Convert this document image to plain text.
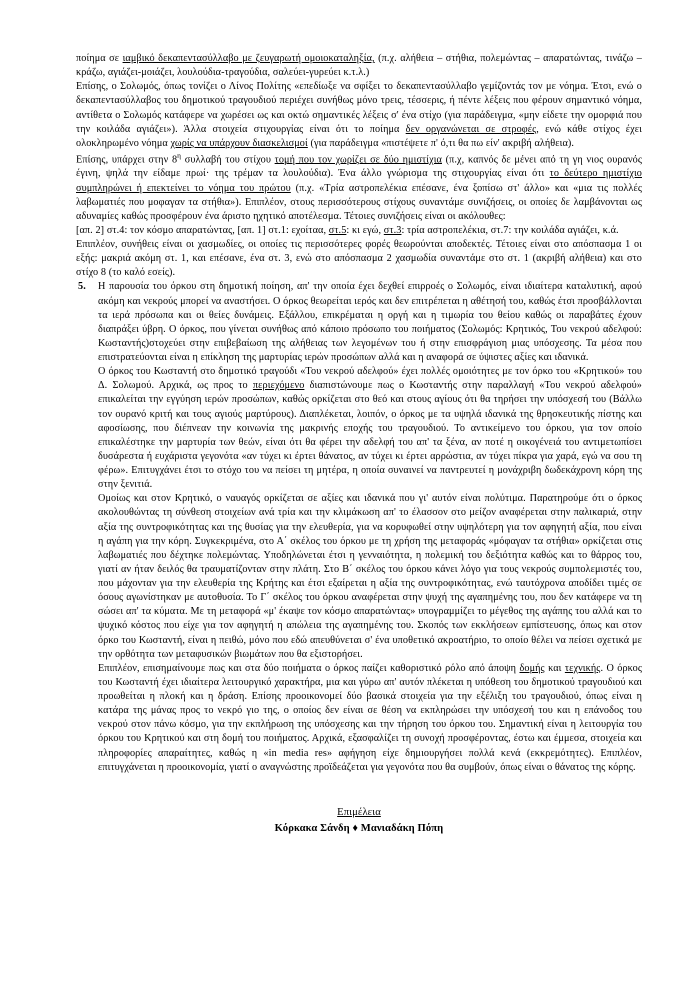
ποίημα σε ιαμβικό δεκαπεντασύλλαβο με ζευγαρωτή ομοιοκαταληξία, (π.χ. αλήθεια – στήθια, πολεμώντας – απαρατώντας, τινάζω – κράζω, αγιάζει-μοιάζει, λουλούδια-τραγούδια, σαλεύει-γυρεύει κ.τ.λ.)

Επίσης, ο Σολωμός, όπως τονίζει ο Λίνος Πολίτης «επεδίωξε να σφίξει το δεκαπεντασύλλαβο γεμίζοντάς τον με νόημα. Έτσι, ενώ ο δεκαπεντασύλλαβος του δημοτικού τραγουδιού περιέχει συνήθως μόνο τρεις, τέσσερις, ή πέντε λέξεις που φέρουν σημαντικό νόημα, αντίθετα ο Σολωμός κατάφερε να χωρέσει ως και οκτώ σημαντικές λέξεις σ' ένα στίχο (για παράδειγμα, «μην είδετε την ομορφιά που την κοιλάδα αγιάζει»). Άλλα στοιχεία στιχουργίας είναι ότι το ποίημα δεν οργανώνεται σε στροφές, ενώ κάθε στίχος έχει ολοκληρωμένο νόημα χωρίς να υπάρχουν διασκελισμοί (για παράδειγμα «πιστέψετε π' ό,τι θα πω είν' ακριβή αλήθεια).

Επίσης, υπάρχει στην $8^\eta$ συλλαβή του στίχου τομή που τον χωρίζει σε δύο ημιστίχια (π.χ, καπνός δε μένει από τη γη νιος ουρανός έγινη, ψηλά την είδαμε πρωί· της τρέμαν τα λουλούδια). Ένα άλλο γνώρισμα της στιχουργίας είναι ότι το δεύτερο ημιστίχιο συμπληρώνει ή επεκτείνει το νόημα του πρώτου (π.χ. «Τρία αστροπελέκια επέσανε, ένα ξοπίσω στ' άλλο» και «μια τις πολλές λαβωματιές που μοφαγαν τα στήθια»). Επιπλέον, στους περισσότερους στίχους συναντάμε συνιζήσεις, οι οποίες δε λαμβάνονται ως αδυναμίες καθώς προσφέρουν ένα άριστο ηχητικό αποτέλεσμα. Τέτοιες συνιζήσεις είναι οι ακόλουθες:

[απ. 2] στ.4: τον κόσμο απαρατώντας, [απ. 1] στ.1: εχοίταα, στ.5: κι εγώ, στ.3: τρία αστροπελέκια, στ.7: την κοιλάδα αγιάζει, κ.ά.

Επιπλέον, συνήθεις είναι οι χασμωδίες, οι οποίες τις περισσότερες φορές θεωρούνται αποδεκτές. Τέτοιες είναι στο απόσπασμα 1 οι εξής: μακριά ακόμη στ. 1, και επέσανε, ένα στ. 3, ενώ στο απόσπασμα 2 χασμωδία συναντάμε στο στ. 1 (ακριβή αλήθεια) και στο στίχο 8 (το καλό εσείς).

5.	Η παρουσία του όρκου στη δημοτική ποίηση, απ' την οποία έχει δεχθεί επιρροές ο Σολωμός, είναι ιδιαίτερα καταλυτική, αφού ακόμη και νεκρούς μπορεί να αναστήσει. Ο όρκος θεωρείται ιερός και δεν επιτρέπεται η αθέτησή του, καθώς έτσι προσβάλλονται τα ιερά πρόσωπα και οι θείες δυνάμεις. Εξάλλου, επικρέμαται η οργή και η τιμωρία του θείου καθώς οι παραβάτες έχουν διαπράξει ύβρη. Ο όρκος, που γίνεται συνήθως από κάποιο πρόσωπο του ποιήματος (Σολωμός: Κρητικός, Του νεκρού αδελφού: Κωσταντής)στοχεύει στην επιβεβαίωση της αλήθειας των λεγομένων του ή στην επισφράγιση μιας υπόσχεσης. Τα μέσα που επιστρατεύονται είναι η επίκληση της μαρτυρίας ιερών προσώπων αλλά και η αναφορά σε ύψιστες αξίες και ιδανικά.

Ο όρκος του Κωσταντή στο δημοτικό τραγούδι «Του νεκρού αδελφού» έχει πολλές ομοιότητες με τον όρκο του «Κρητικού» του Δ. Σολωμού. Αρχικά, ως προς το περιεχόμενο διαπιστώνουμε πως ο Κωσταντής στην παραλλαγή «Του νεκρού αδελφού» επικαλείται την εγγύηση ιερών προσώπων, καθώς ορκίζεται στο θεό και στους αγίους ότι θα τηρήσει την υπόσχεσή του (Βάλλω τον ουρανό κριτή και τους αγιούς μαρτύρους). Διαπλέκεται, λοιπόν, ο όρκος με τα υψηλά ιδανικά της θρησκευτικής πίστης και αφοσίωσης, που διέπνεαν την κοινωνία της μακρινής εποχής του τραγουδιού. Το αντικείμενο του όρκου, για τον οποίο επικαλέστηκε την μαρτυρία των θεών, είναι ότι θα φέρει την αδελφή του απ' τα ξένα, αν ποτέ η οικογένειά του αντιμετωπίσει δυσάρεστα ή ευχάριστα γεγονότα «αν τύχει κι έρτει θάνατος, αν τύχει κι έρτει αρρώστια, αν τύχει πίκρα για χαρά, εγώ να σου τη φέρω». Επιτυγχάνει έτσι το στόχο του να πείσει τη μητέρα, η οποία συναινεί να παντρευτεί η μονάχριβη δωδεκάχρονη κόρη της στην ξενιτιά.

Ομοίως και στον Κρητικό, ο ναυαγός ορκίζεται σε αξίες και ιδανικά που γι' αυτόν είναι πολύτιμα. Παρατηρούμε ότι ο όρκος ακολουθώντας τη σύνθεση στοιχείων ανά τρία και την κλιμάκωση απ' το έλασσον στο μείζον αναφέρεται στην παλικαριά, στην αξία της συντροφικότητας και της θυσίας για την ελευθερία, για να κορυφωθεί στην υψηλότερη για τον αφηγητή αξία, που είναι η αγάπη για την κόρη. Συγκεκριμένα, στο Α΄ σκέλος του όρκου με τη χρήση της μεταφοράς «μόφαγαν τα στήθια» ορκίζεται στις λαβωματιές που δέχτηκε πολεμώντας. Υποδηλώνεται έτσι η γενναιότητα, η πολεμική του δεξιότητα καθώς και το θάρρος του, γιατί αν ήταν δειλός θα τραυματίζονταν στην πλάτη. Στο Β΄ σκέλος του όρκου κάνει λόγο για τους νεκρούς συμπολεμιστές του, που μάχονταν για την ελευθερία της Κρήτης και έτσι εξαίρεται η αξία της συντροφικότητας, ενώ ταυτόχρονα αποδίδει τιμές σε όσους αγωνίστηκαν με αυτοθυσία. Το Γ΄ σκέλος του όρκου αναφέρεται στην ψυχή της αγαπημένης του, που δεν κατάφερε να τη σώσει απ' τα κύματα. Με τη μεταφορά «μ' έκαψε τον κόσμο απαρατώντας» υπογραμμίζει το μέγεθος της αγάπης του αλλά και το ψυχικό κόστος που είχε για τον αφηγητή η απώλεια της αγαπημένης του. Σκοπός των εκκλήσεων εμπίστευσης, όπως και στον όρκο του Κωσταντή, είναι η πειθώ, μόνο που εδώ απευθύνεται σ' ένα υποθετικό ακροατήριο, το οποίο θέλει να πείσει σχετικά με την ορθότητα των μεταφυσικών βιωμάτων που θα εξιστορήσει.

Επιπλέον, επισημαίνουμε πως και στα δύο ποιήματα ο όρκος παίζει καθοριστικό ρόλο από άποψη δομής και τεχνικής. Ο όρκος του Κωσταντή έχει ιδιαίτερα λειτουργικό χαρακτήρα, μια και γύρω απ' αυτόν πλέκεται η υπόθεση του δημοτικού τραγουδιού και προωθείται η πλοκή και η δράση. Επίσης προοικονομεί δύο βασικά στοιχεία για την εξέλιξη του τραγουδιού, όπως είναι η κατάρα της μάνας προς το νεκρό γιο της, ο οποίος δεν είναι σε θέση να εκπληρώσει την υπόσχεσή του και η επάνοδος του νεκρού στον πάνω κόσμο, για την εκπλήρωση της υπόσχεσης και την τήρηση του όρκου του. Σημαντική είναι η λειτουργία του όρκου του Κρητικού και στη δομή του ποιήματος. Αρχικά, εξασφαλίζει τη συνοχή προσφέροντας, έστω και έμμεσα, στοιχεία και πληροφορίες απαραίτητες, καθώς η «in media res» αφήγηση είχε δημιουργήσει πολλά κενά (εκκρεμότητες). Επιπλέον, επιτυγχάνεται η προοικονομία, γιατί ο αναγνώστης προϊδεάζεται για γεγονότα που θα συμβούν, όπως είναι ο θάνατος της κόρης.

Επιμέλεια
Κόρκακα Σάνδη ♦ Μανιαδάκη Πόπη
